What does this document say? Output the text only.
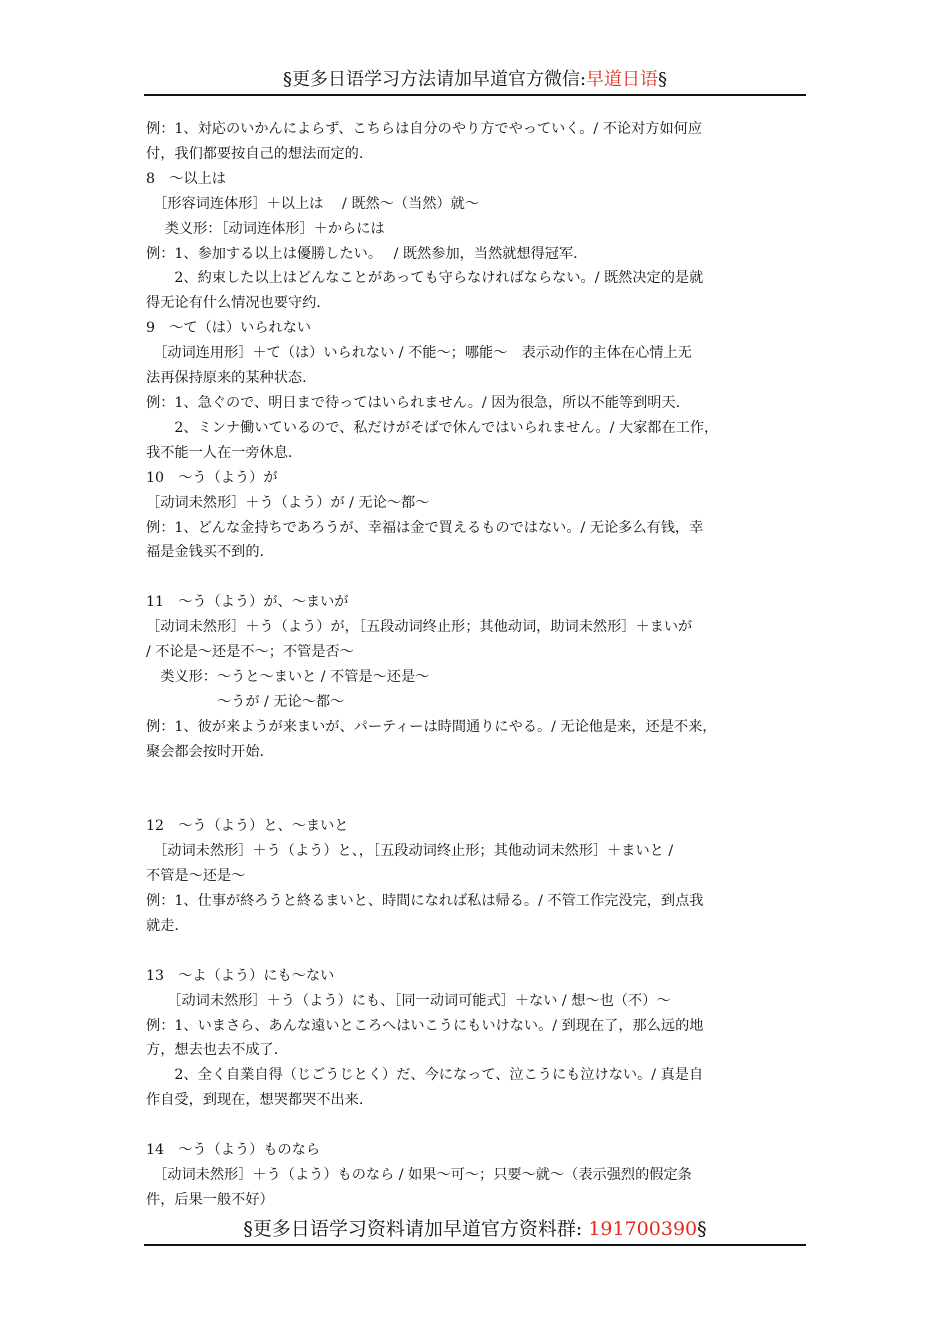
§更多日语学习方法请加早道官方微信:早道日语§

例：1、対応のいかんによらず、こちらは自分のやり方でやっていく。/ 不论对方如何应

付，我们都要按自己的想法而定的.

8　～以上は

　［形容词连体形］＋以上は　 / 既然～（当然）就～

　 类义形：［动词连体形］＋からには

例：1、参加する以上は優勝したい。　 / 既然参加，当然就想得冠军.

　　2、約束した以上はどんなことがあっても守らなければならない。/ 既然决定的是就

得无论有什么情况也要守约.

9　～て（は）いられない

　［动词连用形］＋て（は）いられない / 不能～；哪能～　表示动作的主体在心情上无

法再保持原来的某种状态.

例：1、急ぐので、明日まで待ってはいられません。/ 因为很急，所以不能等到明天.

　　2、ミンナ働いているので、私だけがそばで休んではいられません。/ 大家都在工作，

我不能一人在一旁休息.

10　～う（よう）が

［动词未然形］＋う（よう）が / 无论～都～

例：1、どんな金持ちであろうが、幸福は金で買えるものではない。/ 无论多么有钱，幸

福是金钱买不到的.

11　～う（よう）が、～まいが

［动词未然形］＋う（よう）が，［五段动词终止形；其他动词，助词未然形］＋まいが

/ 不论是～还是不～；不管是否～

　类义形：～うと～まいと / 不管是～还是～

　　　　　～うが / 无论～都～

例：1、彼が来ようが来まいが、パーティーは時間通りにやる。/ 无论他是来，还是不来，

聚会都会按时开始.

12　～う（よう）と、～まいと

　［动词未然形］＋う（よう）と、，［五段动词终止形；其他动词未然形］＋まいと /

不管是～还是～

例：1、仕事が終ろうと終るまいと、時間になれば私は帰る。/ 不管工作完没完，到点我

就走.

13　～よ（よう）にも～ない

　　［动词未然形］＋う（よう）にも、［同一动词可能式］＋ない / 想～也（不）～

例：1、いまさら、あんな遠いところへはいこうにもいけない。/ 到现在了，那么远的地

方，想去也去不成了.

　　2、全く自業自得（じごうじとく）だ、今になって、泣こうにも泣けない。/ 真是自

作自受，到现在，想哭都哭不出来.

14　～う（よう）ものなら

　［动词未然形］＋う（よう）ものなら / 如果～可～；只要～就～（表示强烈的假定条

件，后果一般不好）

§更多日语学习资料请加早道官方资料群: 191700390§
